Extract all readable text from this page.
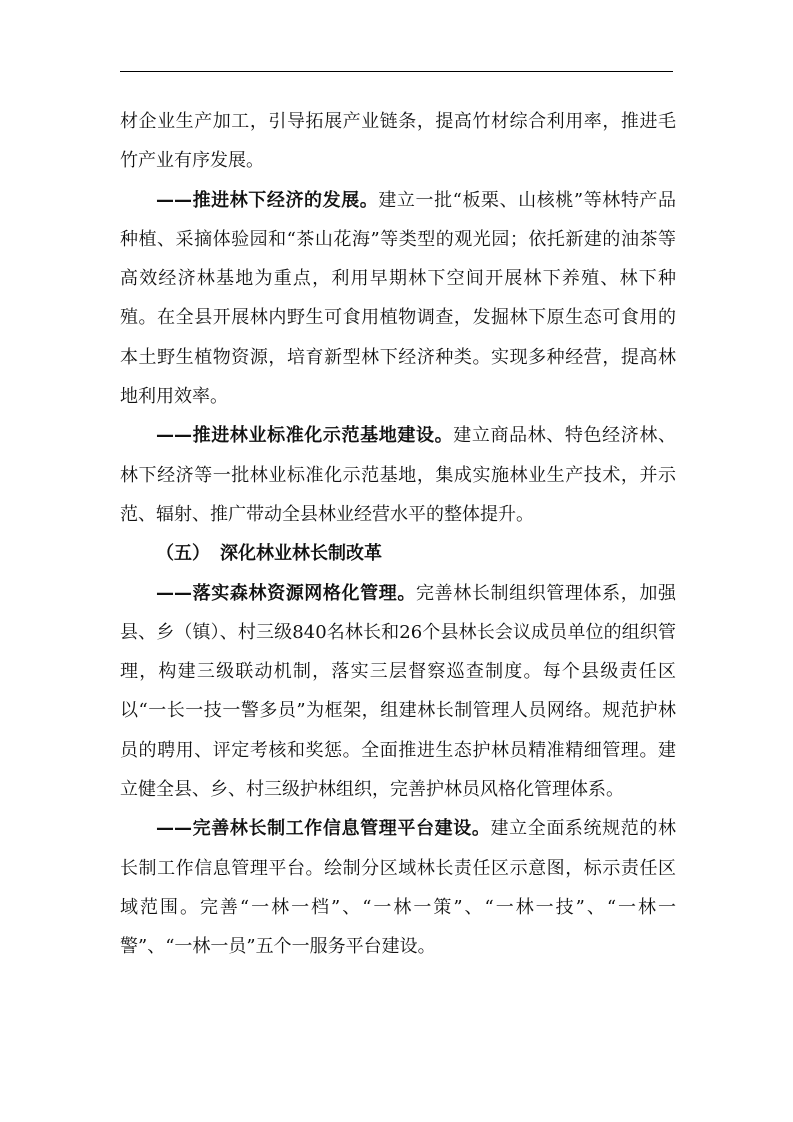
材企业生产加工，引导拓展产业链条，提高竹材综合利用率，推进毛竹产业有序发展。

——推进林下经济的发展。建立一批“板栗、山核桃”等林特产品种植、采摘体验园和“茶山花海”等类型的观光园；依托新建的油茶等高效经济林基地为重点，利用早期林下空间开展林下养殖、林下种殖。在全县开展林内野生可食用植物调查，发掘林下原生态可食用的本土野生植物资源，培育新型林下经济种类。实现多种经营，提高林地利用效率。

——推进林业标准化示范基地建设。建立商品林、特色经济林、林下经济等一批林业标准化示范基地，集成实施林业生产技术，并示范、辐射、推广带动全县林业经营水平的整体提升。

（五） 深化林业林长制改革

——落实森林资源网格化管理。完善林长制组织管理体系，加强县、乡（镇）、村三级840名林长和26个县林长会议成员单位的组织管理，构建三级联动机制，落实三层督察巡查制度。每个县级责任区以“一长一技一警多员”为框架，组建林长制管理人员网络。规范护林员的聘用、评定考核和奖惩。全面推进生态护林员精准精细管理。建立健全县、乡、村三级护林组织，完善护林员风格化管理体系。

——完善林长制工作信息管理平台建设。建立全面系统规范的林长制工作信息管理平台。绘制分区域林长责任区示意图，标示责任区域范围。完善“一林一档”、“一林一策”、“一林一技”、“一林一警”、“一林一员”五个一服务平台建设。
